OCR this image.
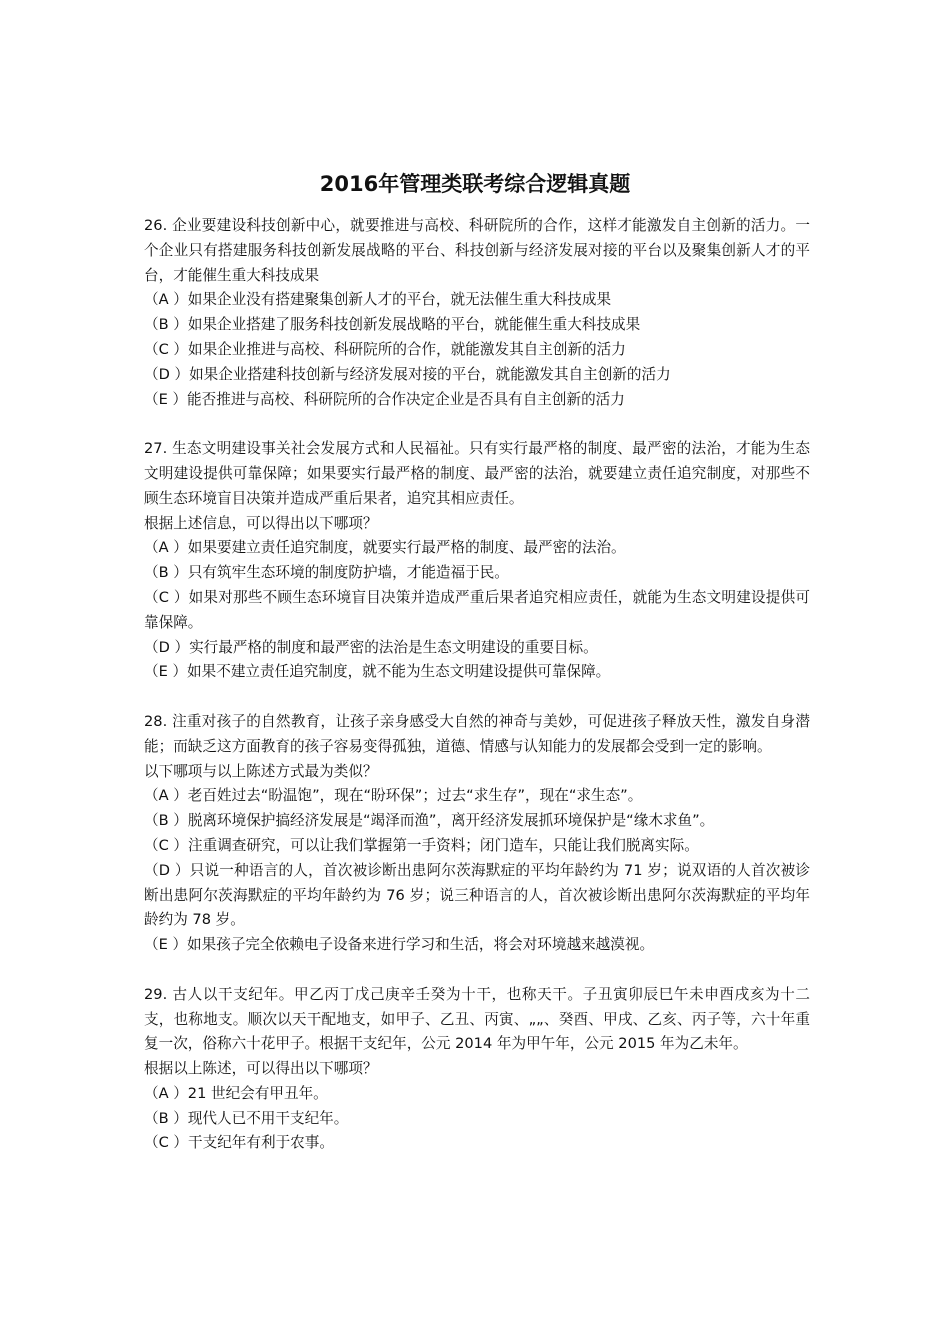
2016年管理类联考综合逻辑真题

26. 企业要建设科技创新中心，就要推进与高校、科研院所的合作，这样才能激发自主创新的活力。一个企业只有搭建服务科技创新发展战略的平台、科技创新与经济发展对接的平台以及聚集创新人才的平台，才能催生重大科技成果

（A ）如果企业没有搭建聚集创新人才的平台，就无法催生重大科技成果

（B ）如果企业搭建了服务科技创新发展战略的平台，就能催生重大科技成果

（C ）如果企业推进与高校、科研院所的合作，就能激发其自主创新的活力

（D ）如果企业搭建科技创新与经济发展对接的平台，就能激发其自主创新的活力

（E ）能否推进与高校、科研院所的合作决定企业是否具有自主创新的活力

27. 生态文明建设事关社会发展方式和人民福祉。只有实行最严格的制度、最严密的法治，才能为生态文明建设提供可靠保障；如果要实行最严格的制度、最严密的法治，就要建立责任追究制度，对那些不顾生态环境盲目决策并造成严重后果者，追究其相应责任。

根据上述信息，可以得出以下哪项？

（A ）如果要建立责任追究制度，就要实行最严格的制度、最严密的法治。

（B ）只有筑牢生态环境的制度防护墙，才能造福于民。

（C ）如果对那些不顾生态环境盲目决策并造成严重后果者追究相应责任，就能为生态文明建设提供可靠保障。

（D ）实行最严格的制度和最严密的法治是生态文明建设的重要目标。

（E ）如果不建立责任追究制度，就不能为生态文明建设提供可靠保障。

28. 注重对孩子的自然教育，让孩子亲身感受大自然的神奇与美妙，可促进孩子释放天性，激发自身潜能；而缺乏这方面教育的孩子容易变得孤独，道德、情感与认知能力的发展都会受到一定的影响。

以下哪项与以上陈述方式最为类似？

（A ）老百姓过去“盼温饱”，现在“盼环保”；过去“求生存”，现在“求生态”。

（B ）脱离环境保护搞经济发展是“竭泽而渔”，离开经济发展抓环境保护是“缘木求鱼”。

（C ）注重调查研究，可以让我们掌握第一手资料；闭门造车，只能让我们脱离实际。

（D ）只说一种语言的人，首次被诊断出患阿尔茨海默症的平均年龄约为 71 岁；说双语的人首次被诊断出患阿尔茨海默症的平均年龄约为 76 岁；说三种语言的人，首次被诊断出患阿尔茨海默症的平均年龄约为 78 岁。

（E ）如果孩子完全依赖电子设备来进行学习和生活，将会对环境越来越漠视。

29. 古人以干支纪年。甲乙丙丁戊己庚辛壬癸为十干，也称天干。子丑寅卯辰巳午未申酉戌亥为十二支，也称地支。顺次以天干配地支，如甲子、乙丑、丙寅、„„、癸酉、甲戌、乙亥、丙子等，六十年重复一次，俗称六十花甲子。根据干支纪年，公元 2014 年为甲午年，公元 2015 年为乙未年。

根据以上陈述，可以得出以下哪项？

（A ）21 世纪会有甲丑年。

（B ）现代人已不用干支纪年。

（C ）干支纪年有利于农事。
